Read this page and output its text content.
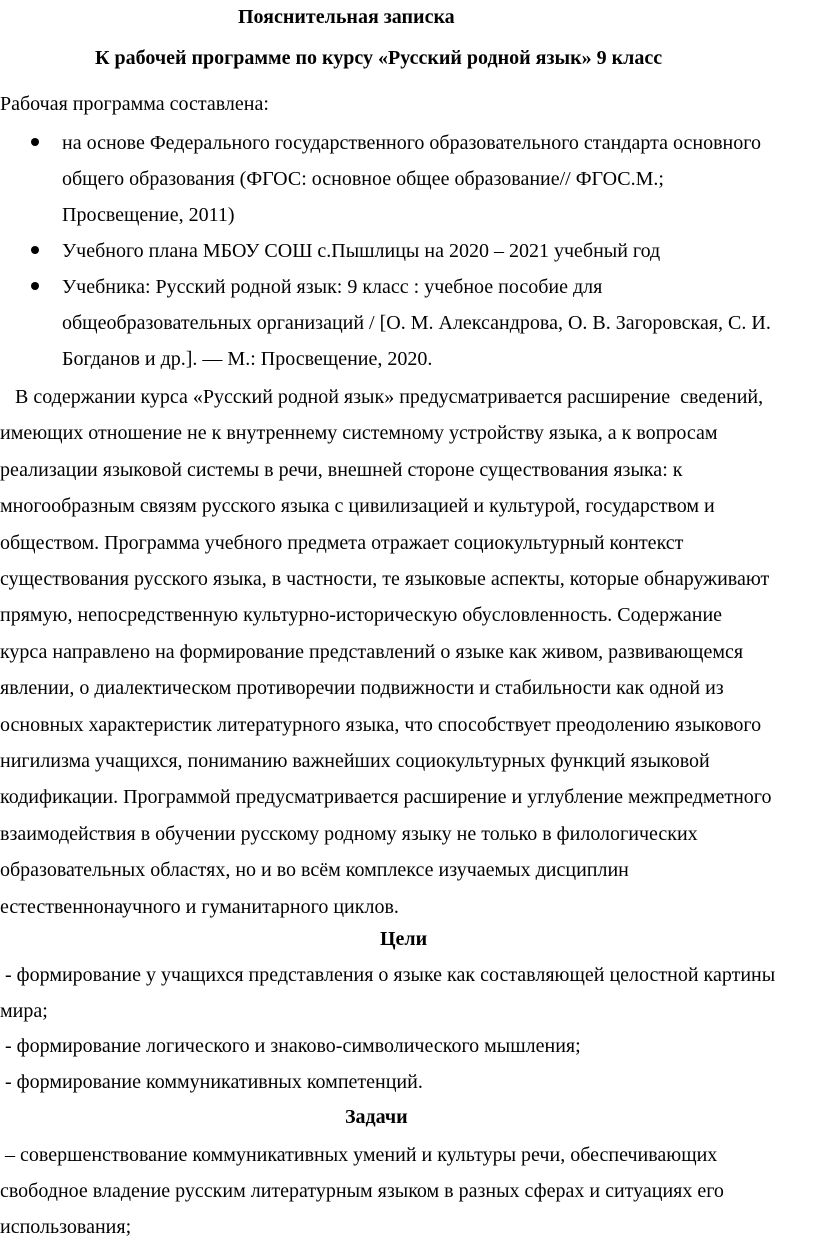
Пояснительная записка
К рабочей программе по курсу «Русский родной язык» 9 класс
Рабочая программа составлена:
на основе Федерального государственного образовательного стандарта основного
общего образования (ФГОС: основное общее образование// ФГОС.М.;
Просвещение, 2011)
Учебного плана МБОУ СОШ с.Пышлицы на 2020 – 2021 учебный год
Учебника: Русский родной язык: 9 класс : учебное пособие для
общеобразовательных организаций / [О. М. Александрова, О. В. Загоровская, С. И.
Богданов и др.]. — М.: Просвещение, 2020.
В содержании курса «Русский родной язык» предусматривается расширение  сведений,
имеющих отношение не к внутреннему системному устройству языка, а к вопросам
реализации языковой системы в речи, внешней стороне существования языка: к
многообразным связям русского языка с цивилизацией и культурой, государством и
обществом. Программа учебного предмета отражает социокультурный контекст
существования русского языка, в частности, те языковые аспекты, которые обнаруживают
прямую, непосредственную культурно-историческую обусловленность. Содержание
курса направлено на формирование представлений о языке как живом, развивающемся
явлении, о диалектическом противоречии подвижности и стабильности как одной из
основных характеристик литературного языка, что способствует преодолению языкового
нигилизма учащихся, пониманию важнейших социокультурных функций языковой
кодификации. Программой предусматривается расширение и углубление межпредметного
взаимодействия в обучении русскому родному языку не только в филологических
образовательных областях, но и во всём комплексе изучаемых дисциплин
естественнонаучного и гуманитарного циклов.
Цели
- формирование у учащихся представления о языке как составляющей целостной картины
мира;
- формирование логического и знаково-символического мышления;
- формирование коммуникативных компетенций.
Задачи
– совершенствование коммуникативных умений и культуры речи, обеспечивающих
свободное владение русским литературным языком в разных сферах и ситуациях его
использования;
